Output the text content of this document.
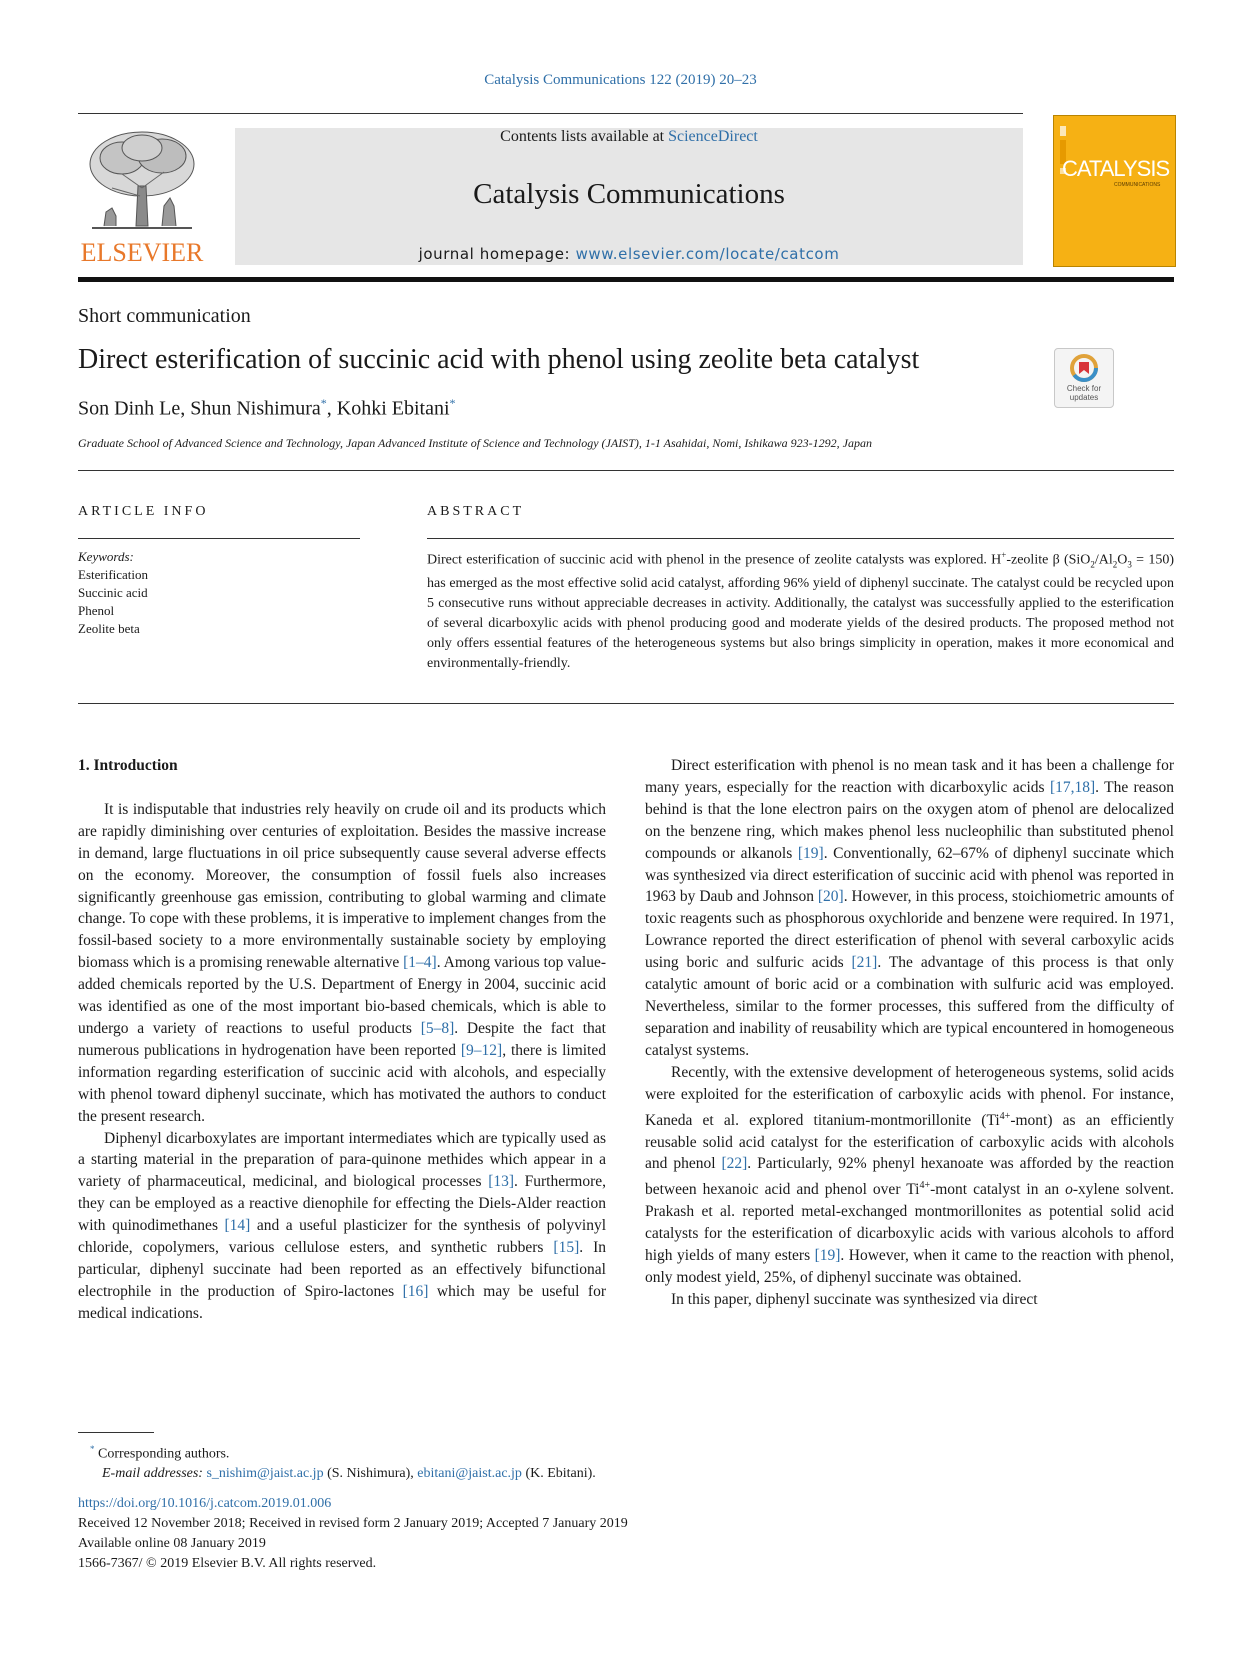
Catalysis Communications 122 (2019) 20–23
ELSEVIER
Contents lists available at ScienceDirect
Catalysis Communications
journal homepage: www.elsevier.com/locate/catcom
CATALYSIS
COMMUNICATIONS
Short communication
Direct esterification of succinic acid with phenol using zeolite beta catalyst
Check for updates
Son Dinh Le, Shun Nishimura*, Kohki Ebitani*
Graduate School of Advanced Science and Technology, Japan Advanced Institute of Science and Technology (JAIST), 1-1 Asahidai, Nomi, Ishikawa 923-1292, Japan
ARTICLE INFO	ABSTRACT
Keywords:
Esterification
Succinic acid
Phenol
Zeolite beta
Direct esterification of succinic acid with phenol in the presence of zeolite catalysts was explored. H+-zeolite β $(SiO_2/Al_2O_3 = 150)$ has emerged as the most effective solid acid catalyst, affording 96% yield of diphenyl succinate. The catalyst could be recycled upon 5 consecutive runs without appreciable decreases in activity. Additionally, the catalyst was successfully applied to the esterification of several dicarboxylic acids with phenol producing good and moderate yields of the desired products. The proposed method not only offers essential features of the heterogeneous systems but also brings simplicity in operation, makes it more economical and environmentally-friendly.

1. Introduction

It is indisputable that industries rely heavily on crude oil and its products which are rapidly diminishing over centuries of exploitation. Besides the massive increase in demand, large fluctuations in oil price subsequently cause several adverse effects on the economy. Moreover, the consumption of fossil fuels also increases significantly greenhouse gas emission, contributing to global warming and climate change. To cope with these problems, it is imperative to implement changes from the fossil-based society to a more environmentally sustainable society by employing biomass which is a promising renewable alternative [1–4]. Among various top value-added chemicals reported by the U.S. Department of Energy in 2004, succinic acid was identified as one of the most important bio-based chemicals, which is able to undergo a variety of reactions to useful products [5–8]. Despite the fact that numerous publications in hydrogenation have been reported [9–12], there is limited information regarding esterification of succinic acid with alcohols, and especially with phenol toward diphenyl succinate, which has motivated the authors to conduct the present research.

Diphenyl dicarboxylates are important intermediates which are typically used as a starting material in the preparation of para-quinone methides which appear in a variety of pharmaceutical, medicinal, and biological processes [13]. Furthermore, they can be employed as a reactive dienophile for effecting the Diels-Alder reaction with quinodimethanes [14] and a useful plasticizer for the synthesis of polyvinyl chloride, copolymers, various cellulose esters, and synthetic rubbers [15]. In particular, diphenyl succinate had been reported as an effectively bifunctional electrophile in the production of Spiro-lactones [16] which may be useful for medical indications.

Direct esterification with phenol is no mean task and it has been a challenge for many years, especially for the reaction with dicarboxylic acids [17,18]. The reason behind is that the lone electron pairs on the oxygen atom of phenol are delocalized on the benzene ring, which makes phenol less nucleophilic than substituted phenol compounds or alkanols [19]. Conventionally, 62–67% of diphenyl succinate which was synthesized via direct esterification of succinic acid with phenol was reported in 1963 by Daub and Johnson [20]. However, in this process, stoichiometric amounts of toxic reagents such as phosphorous oxychloride and benzene were required. In 1971, Lowrance reported the direct esterification of phenol with several carboxylic acids using boric and sulfuric acids [21]. The advantage of this process is that only catalytic amount of boric acid or a combination with sulfuric acid was employed. Nevertheless, similar to the former processes, this suffered from the difficulty of separation and inability of reusability which are typical encountered in homogeneous catalyst systems.

Recently, with the extensive development of heterogeneous systems, solid acids were exploited for the esterification of carboxylic acids with phenol. For instance, Kaneda et al. explored titanium-montmorillonite $(Ti^{4+}-mont)$ as an efficiently reusable solid acid catalyst for the esterification of carboxylic acids with alcohols and phenol [22]. Particularly, 92% phenyl hexanoate was afforded by the reaction between hexanoic acid and phenol over $Ti^{4+}$-mont catalyst in an o-xylene solvent. Prakash et al. reported metal-exchanged montmorillonites as potential solid acid catalysts for the esterification of dicarboxylic acids with various alcohols to afford high yields of many esters [19]. However, when it came to the reaction with phenol, only modest yield, 25%, of diphenyl succinate was obtained.

In this paper, diphenyl succinate was synthesized via direct

* Corresponding authors.
E-mail addresses: s_nishim@jaist.ac.jp (S. Nishimura), ebitani@jaist.ac.jp (K. Ebitani).
https://doi.org/10.1016/j.catcom.2019.01.006
Received 12 November 2018; Received in revised form 2 January 2019; Accepted 7 January 2019
Available online 08 January 2019
1566-7367/ © 2019 Elsevier B.V. All rights reserved.
